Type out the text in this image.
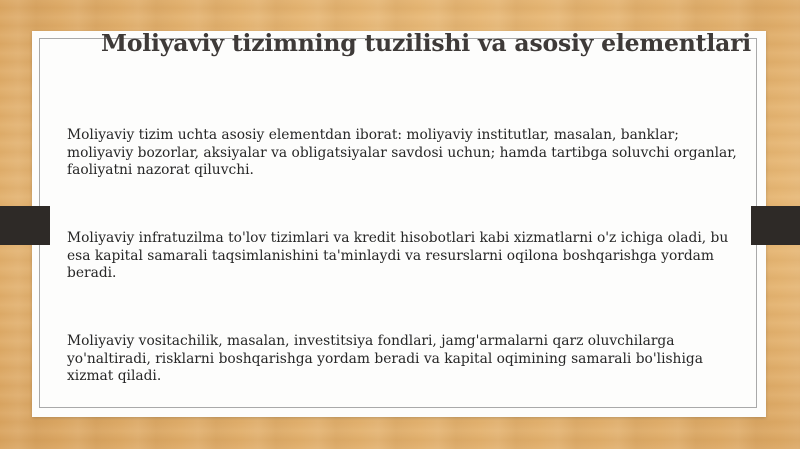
Moliyaviy tizimning tuzilishi va asosiy elementlari

Moliyaviy tizim uchta asosiy elementdan iborat: moliyaviy institutlar, masalan, banklar; moliyaviy bozorlar, aksiyalar va obligatsiyalar savdosi uchun; hamda tartibga soluvchi organlar, faoliyatni nazorat qiluvchi.

Moliyaviy infratuzilma to'lov tizimlari va kredit hisobotlari kabi xizmatlarni o'z ichiga oladi, bu esa kapital samarali taqsimlanishini ta'minlaydi va resurslarni oqilona boshqarishga yordam beradi.

Moliyaviy vositachilik, masalan, investitsiya fondlari, jamg'armalarni qarz oluvchilarga yo'naltiradi, risklarni boshqarishga yordam beradi va kapital oqimining samarali bo'lishiga xizmat qiladi.
